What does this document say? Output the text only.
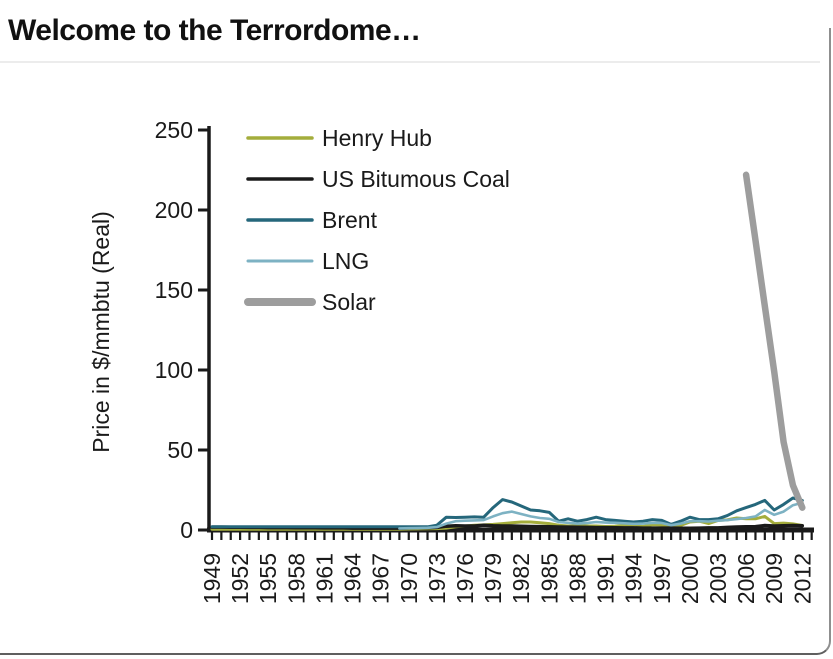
Welcome to the Terrordome…
0
50
100
150
200
250
Price in $/mmbtu (Real)
1949 1952 1955 1958 1961 1964 1967 1970 1973 1976 1979 1982 1985 1988 1991 1994 1997 2000 2003 2006 2009 2012
Henry Hub
US Bitumous Coal
Brent
LNG
Solar
